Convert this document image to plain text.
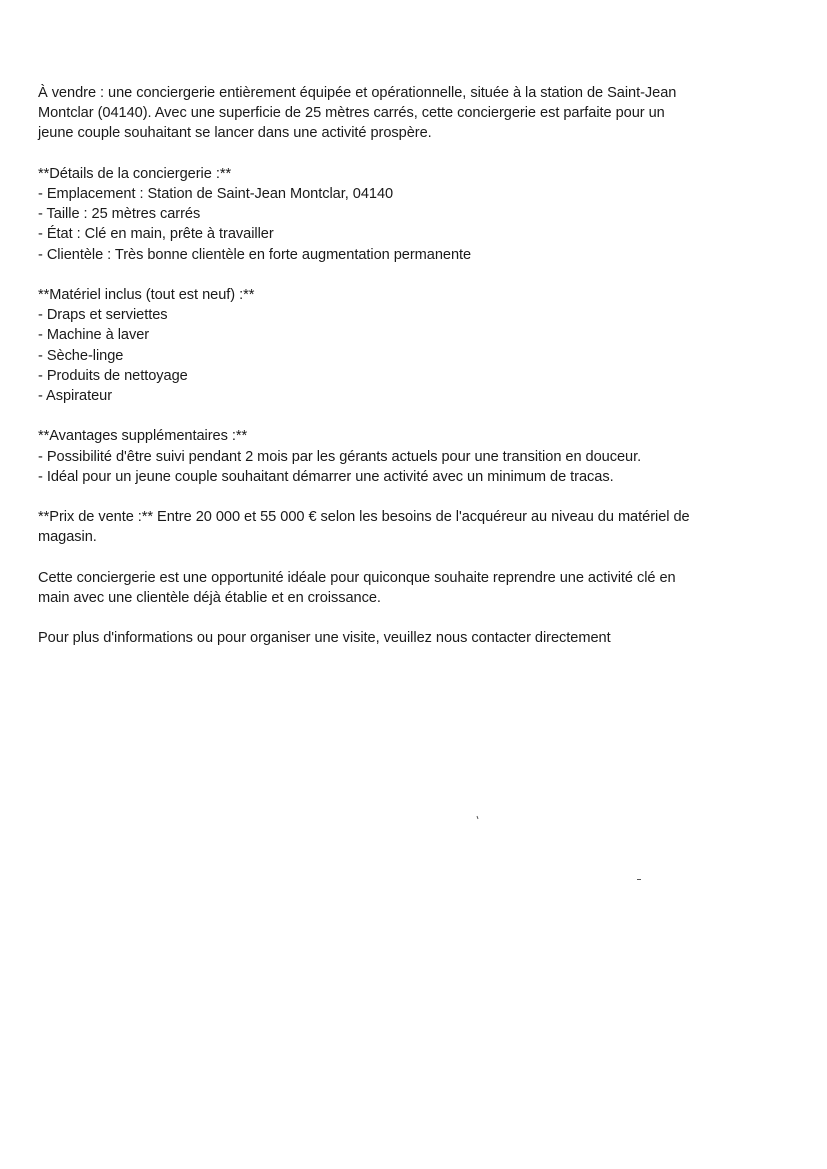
À vendre : une conciergerie entièrement équipée et opérationnelle, située à la station de Saint-Jean
Montclar (04140). Avec une superficie de 25 mètres carrés, cette conciergerie est parfaite pour un
jeune couple souhaitant se lancer dans une activité prospère.

**Détails de la conciergerie :**
- Emplacement : Station de Saint-Jean Montclar, 04140
- Taille : 25 mètres carrés
- État : Clé en main, prête à travailler
- Clientèle : Très bonne clientèle en forte augmentation permanente
**Matériel inclus (tout est neuf) :**
- Draps et serviettes
- Machine à laver
- Sèche-linge
- Produits de nettoyage
- Aspirateur
**Avantages supplémentaires :**
- Possibilité d'être suivi pendant 2 mois par les gérants actuels pour une transition en douceur.
- Idéal pour un jeune couple souhaitant démarrer une activité avec un minimum de tracas.

**Prix de vente :** Entre 20 000 et 55 000 € selon les besoins de l'acquéreur au niveau du matériel de
magasin.

Cette conciergerie est une opportunité idéale pour quiconque souhaite reprendre une activité clé en
main avec une clientèle déjà établie et en croissance.

Pour plus d'informations ou pour organiser une visite, veuillez nous contacter directement
